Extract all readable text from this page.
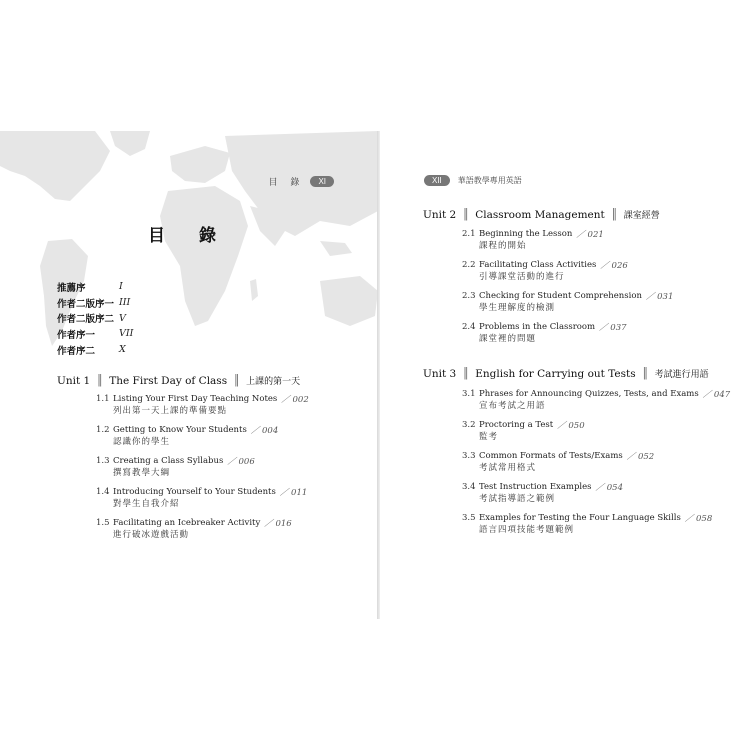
目 錄	XI
目 錄
推薦序	I
作者二版序一 III
作者二版序二 V
作者序一	VII
作者序二	X
Unit 1 ║ The First Day of Class ║ 上課的第一天
1.1 Listing Your First Day Teaching Notes ／ 002
列出第一天上課的準備要點
1.2 Getting to Know Your Students ／ 004
認識你的學生
1.3 Creating a Class Syllabus ／ 006
撰寫教學大綱
1.4 Introducing Yourself to Your Students ／ 011
對學生自我介紹
1.5 Facilitating an Icebreaker Activity ／ 016
進行破冰遊戲活動
XII	華語教學專用英語
Unit 2 ║ Classroom Management ║ 課室經營
2.1 Beginning the Lesson ／ 021
課程的開始
2.2 Facilitating Class Activities ／ 026
引導課堂活動的進行
2.3 Checking for Student Comprehension ／ 031
學生理解度的檢測
2.4 Problems in the Classroom ／ 037
課堂裡的問題
Unit 3 ║ English for Carrying out Tests ║ 考試進行用語
3.1 Phrases for Announcing Quizzes, Tests, and Exams ／ 047
宣布考試之用語
3.2 Proctoring a Test ／ 050
監考
3.3 Common Formats of Tests/Exams ／ 052
考試常用格式
3.4 Test Instruction Examples ／ 054
考試指導語之範例
3.5 Examples for Testing the Four Language Skills ／ 058
語言四項技能考題範例
